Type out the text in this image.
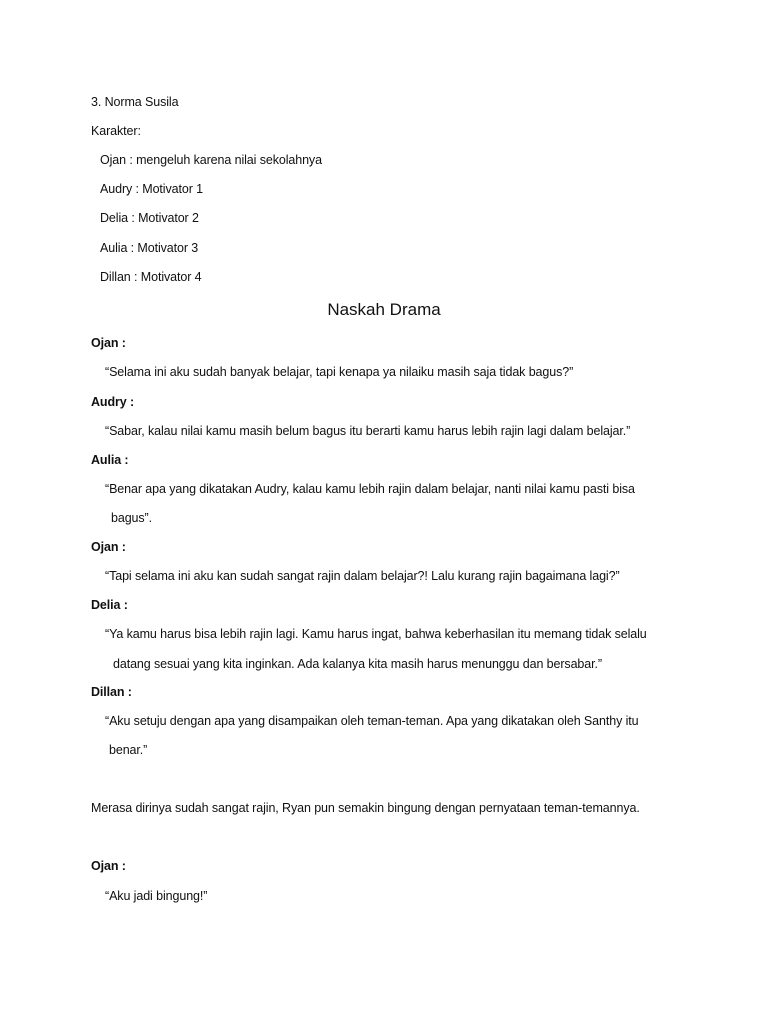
3. Norma Susila
Karakter:
Ojan : mengeluh karena nilai sekolahnya
Audry : Motivator 1
Delia : Motivator 2
Aulia : Motivator 3
Dillan : Motivator 4
Naskah Drama
Ojan :
“Selama ini aku sudah banyak belajar, tapi kenapa ya nilaiku masih saja tidak bagus?”
Audry :
“Sabar, kalau nilai kamu masih belum bagus itu berarti kamu harus lebih rajin lagi dalam belajar.”
Aulia :
“Benar apa yang dikatakan Audry, kalau kamu lebih rajin dalam belajar, nanti nilai kamu pasti bisa
bagus”.
Ojan :
“Tapi selama ini aku kan sudah sangat rajin dalam belajar?! Lalu kurang rajin bagaimana lagi?”
Delia :
“Ya kamu harus bisa lebih rajin lagi. Kamu harus ingat, bahwa keberhasilan itu memang tidak selalu
datang sesuai yang kita inginkan. Ada kalanya kita masih harus menunggu dan bersabar.”
Dillan :
“Aku setuju dengan apa yang disampaikan oleh teman-teman. Apa yang dikatakan oleh Santhy itu
benar.”
Merasa dirinya sudah sangat rajin, Ryan pun semakin bingung dengan pernyataan teman-temannya.
Ojan :
“Aku jadi bingung!”
